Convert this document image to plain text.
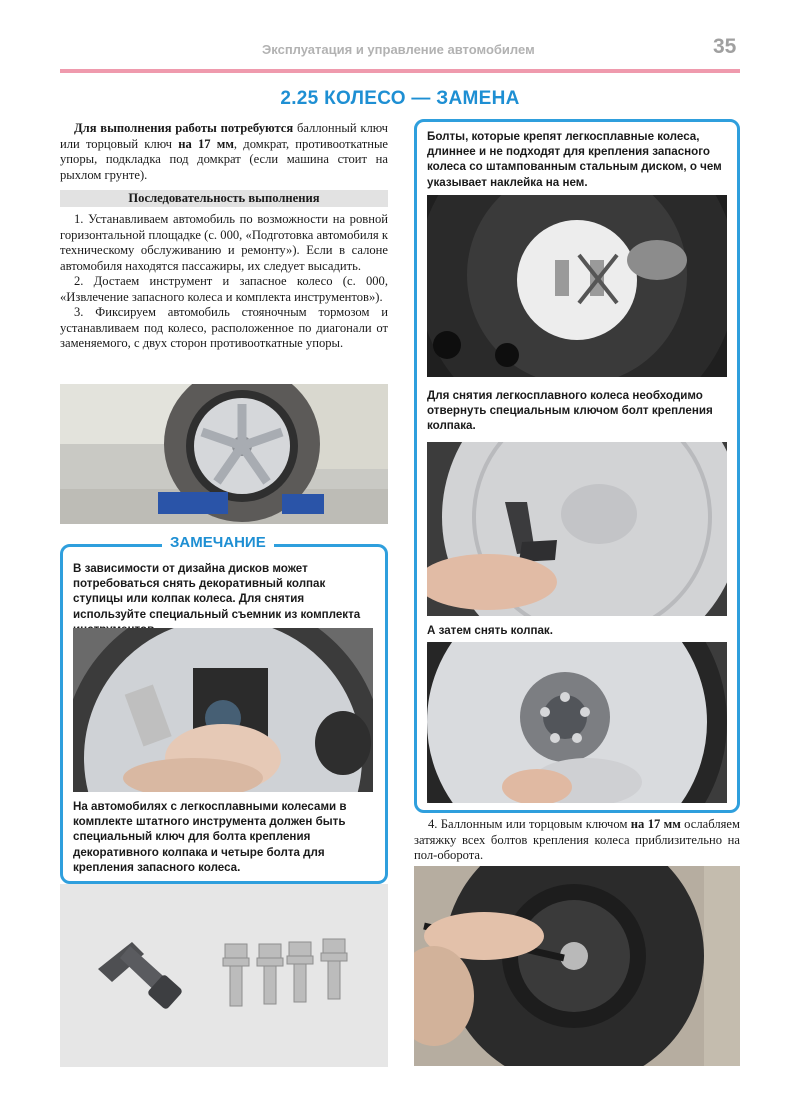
Эксплуатация и управление автомобилем	35
2.25 КОЛЕСО — ЗАМЕНА
Для выполнения работы потребуются баллонный ключ или торцовый ключ на 17 мм, домкрат, противооткатные упоры, подкладка под домкрат (если машина стоит на рыхлом грунте).
Последовательность выполнения

1. Устанавливаем автомобиль по возможности на ровной горизонтальной площадке (с. 000, «Подготовка автомобиля к техническому обслуживанию и ремонту»). Если в салоне автомобиля находятся пассажиры, их следует высадить.

2. Достаем инструмент и запасное колесо (с. 000, «Извлечение запасного колеса и комплекта инструментов»).

3. Фиксируем автомобиль стояночным тормозом и устанавливаем под колесо, расположенное по диагонали от заменяемого, с двух сторон противооткатные упоры.

ЗАМЕЧАНИЕ
В зависимости от дизайна дисков может потребоваться снять декоративный колпак ступицы или колпак колеса. Для снятия используйте специальный съемник из комплекта
На автомобилях с легкосплавными колесами в комплекте штатного инструмента должен быть специальный ключ для болта крепления декоративного колпака и четыре болта для крепления запасного колеса.
Болты, которые крепят легкосплавные колеса, длиннее и не подходят для крепления запасного колеса со штампованным стальным диском, о чем указывает наклейка на нем.
Для снятия легкосплавного колеса необходимо отвернуть специальным ключом болт крепления колпака.
А затем снять колпак.
4. Баллонным или торцовым ключом на 17 мм ослабляем затяжку всех болтов крепления колеса приблизительно на пол-оборота.
